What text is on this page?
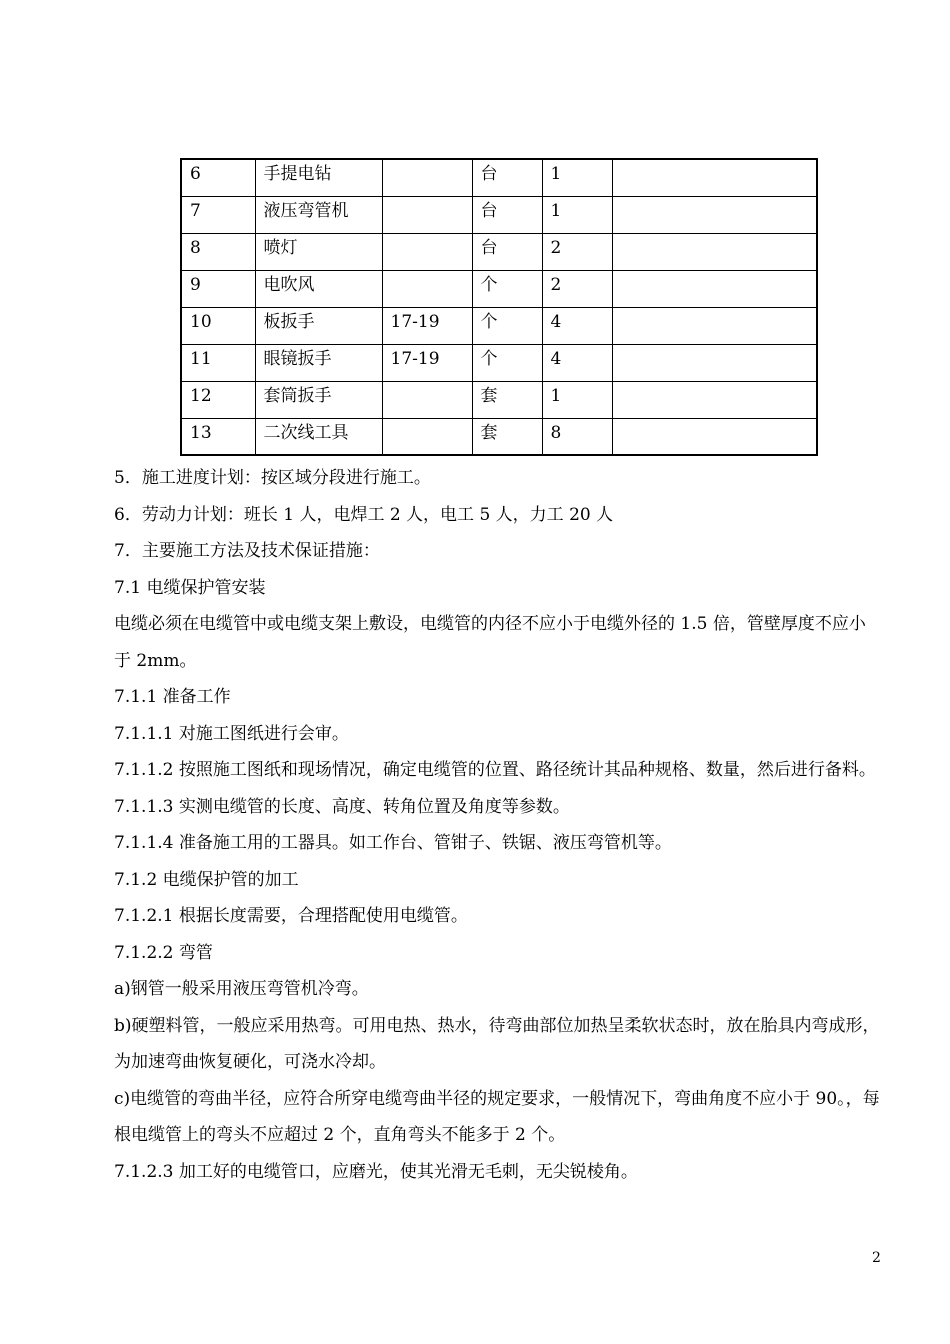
6	手提电钻		台	1	
7	液压弯管机		台	1	
8	喷灯		台	2	
9	电吹风		个	2	
10	板扳手	17-19	个	4	
11	眼镜扳手	17-19	个	4	
12	套筒扳手		套	1	
13	二次线工具		套	8	

5．施工进度计划：按区域分段进行施工。

6．劳动力计划：班长 1 人，电焊工 2 人，电工 5 人，力工 20 人

7．主要施工方法及技术保证措施：

7.1 电缆保护管安装

电缆必须在电缆管中或电缆支架上敷设，电缆管的内径不应小于电缆外径的 1.5 倍，管壁厚度不应小于 2mm。

7.1.1 准备工作

7.1.1.1 对施工图纸进行会审。

7.1.1.2 按照施工图纸和现场情况，确定电缆管的位置、路径统计其品种规格、数量，然后进行备料。

7.1.1.3 实测电缆管的长度、高度、转角位置及角度等参数。

7.1.1.4 准备施工用的工器具。如工作台、管钳子、铁锯、液压弯管机等。

7.1.2 电缆保护管的加工

7.1.2.1 根据长度需要，合理搭配使用电缆管。

7.1.2.2 弯管

a)钢管一般采用液压弯管机冷弯。

b)硬塑料管，一般应采用热弯。可用电热、热水，待弯曲部位加热呈柔软状态时，放在胎具内弯成形，为加速弯曲恢复硬化，可浇水冷却。

c)电缆管的弯曲半径，应符合所穿电缆弯曲半径的规定要求，一般情况下，弯曲角度不应小于 90。，每根电缆管上的弯头不应超过 2 个，直角弯头不能多于 2 个。

7.1.2.3 加工好的电缆管口，应磨光，使其光滑无毛刺，无尖锐棱角。

2
